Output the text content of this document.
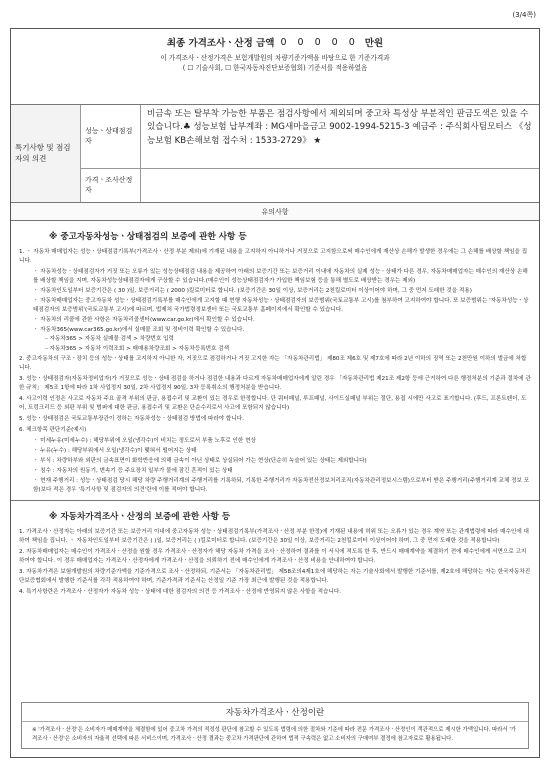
(3/4쪽)
최종 가격조사ㆍ산정 금액 0 0 0 0 0 만원
이 가격조사ㆍ산정가격은 보험개발원의 차량기준가액을 바탕으로 한 기준가격과
( ☐ 기술사회, ☐ 한국자동차진단보증협회) 기준서를 적용하였음
특기사항 및 점검자의 의견
성능ㆍ상태점검자
비금속 또는 탈부착 가능한 부품은 점검사항에서 제외되며 중고차 특성상 부분적인 판금도색은 있을 수 있습니다.♣ 성능보험 납부계좌 : MG새마을금고 9002-1994-5215-3 예금주 : 주식회사팀모터스 《성능보험 KB손해보험 접수처 : 1533-2729》 ★
가격ㆍ조사산정자
유의사항
※ 중고자동차성능ㆍ상태점검의 보증에 관한 사항 등
1. ㆍ 자동차 매매업자는 성능ㆍ상태점검기록부(가격조사ㆍ산정 부분 제외)에 기재된 내용을 고지하지 아니하거나 거짓으로 고지함으로써 매수인에게 재산상 손해가 발생한 경우에는 그 손해를 배상할 책임을 집니다.
ㆍ 자동차성능ㆍ상태점검자가 거짓 또는 오류가 있는 성능상태점검 내용을 제공하여 아래의 보증기간 또는 보증거리 이내에 자동차의 실제 성능ㆍ상태가 다른 경우, 자동차매매업자는 매수인의 재산상 손해를 배상할 책임을 지며, 자동차성능상태점검자에게 구상할 수 있습니다.(매수인이 성능상태점검자가 가입한 책임보험 등을 통해 별도로 배상받는 경우는 제외)
ㆍ 자동차인도일부터 보증기간은 ( 30 )일, 보증거리는 ( 2000 )킬로미터로 합니다. (보증기간은 30일 이상, 보증거리는 2천킬로미터 이상이어야 하며, 그 중 먼저 도래한 것을 적용)
ㆍ 자동차매매업자는 중고자동차 성능ㆍ상태점검기록부를 매수인에게 고지할 때 현행 자동차성능ㆍ상태점검자의 보증범위(국토교통부 고시)를 첨부하여 고지하여야 합니다. 또 보증범위는 '자동차성능ㆍ상태점검자의 보증범위'(국토교통부 고시)에 따르며, 법제처 국가법령정보센터 또는 국토교통부 홈페이지에서 확인할 수 있습니다.
ㆍ 자동차의 리콜에 관한 사항은 자동차리콜센터(www.car.go.kr)에서 확인할 수 있습니다.
ㆍ 자동차365(www.car365.go.kr)에서 실매물 조회 및 정비이력 확인할 수 있습니다.
– 자동차365 > 자동차 실매물 검색 > 차량번호 입력
– 자동차365 > 자동차 이력조회 > 매매용차량조회 > 자동차등록번호 검색
2. 중고자동차의 구조ㆍ장치 등의 성능ㆍ상태를 고지하지 아니한 자, 거짓으로 점검하거나 거짓 고지한 자는 「자동차관리법」 제80조 제6호 및 제7호에 따라 2년 이하의 징역 또는 2천만원 이하의 벌금에 처합니다.
3. 성능ㆍ상태점검자(자동차정비업자)가 거짓으로 성능ㆍ상태 점검을 하거나 점검한 내용과 다르게 자동차매매업자에게 알린 경우 「자동차관리법 제21조 제2항 등에 근거하여 다른 행정처분의 기준과 절차에 관한 규칙」 제5조 1항에 따라 1차 사업정지 30일, 2차 사업정지 90일, 3차 등록취소의 행정처분을 받습니다.
4. 사고이력 인정은 사고로 자동차 주요 골격 부위의 판금, 용접수리 및 교환이 있는 경우로 한정합니다. 단 쿼터패널, 루프패널, 사이드실패널 부위는 절단, 용접 시에만 사고로 표기합니다. (후드, 프론트펜더, 도어, 트렁크리드 등 외판 부위 및 범퍼에 대한 판금, 용접수리 및 교환은 단순수리로서 사고에 포함되지 않습니다)
5. 성능ㆍ상태점검은 국토교통부장관이 정하는 자동차성능ㆍ상태점검 방법에 따라야 합니다.
6. 체크항목 판단기준(예시)
ㆍ 미세누유(미세누수) : 해당부위에 오일(냉각수)이 비치는 정도로서 부품 노후로 인한 현상
ㆍ 누유(누수) : 해당부위에서 오일(냉각수)이 맺혀서 떨어지는 상태
ㆍ 부식 : 차량하부와 외판의 금속표면이 화학반응에 의해 금속이 아닌 상태로 상실되어 가는 현상(단순히 녹슬어 있는 상태는 제외합니다)
ㆍ 침수 : 자동차의 원동기, 변속기 등 주요장치 일부가 물에 잠긴 흔적이 있는 상태
ㆍ 현재 주행거리 : 성능ㆍ상태점검 당시 해당 차량 주행거리계의 주행거리를 기록하되, 기록한 주행거리가 자동차전산정보처리조직(자동차관리정보시스템)으로부터 받은 주행거리(주행거리계 교체 정보 포함)보다 적은 경우 '특기사항 및 점검자의 의견'란에 이를 적어야 합니다.
※ 자동차가격조사ㆍ산정의 보증에 관한 사항 등
1. 가격조사ㆍ산정자는 아래의 보증기간 또는 보증거리 이내에 중고자동차 성능ㆍ상태점검기록부(가격조사ㆍ산정 부분 한정)에 기재된 내용에 허위 또는 오류가 있는 경우 계약 또는 관계법령에 따라 매수인에 대하여 책임을 집니다. ㆍ 자동차인도일부터 보증기간은 ( )일, 보증거리는 ( )킬로미터로 합니다. (보증기간은 30일 이상, 보증거리는 2천킬로미터 이상이어야 하며, 그 중 먼저 도래한 것을 적용합니다)
2. 자동차매매업자는 매수인이 가격조사ㆍ산정을 원할 경우 가격조사ㆍ산정자가 해당 자동차 가격을 조사ㆍ산정하여 결과를 이 서식에 적도록 한 후, 반드시 매매계약을 체결하기 전에 매수인에게 서면으로 고지하여야 합니다. 이 경우 매매업자는 가격조사ㆍ산정자에게 가격조사ㆍ산정을 의뢰하기 전에 매수인에게 가격조사ㆍ산정 비용을 안내하여야 합니다.
3. 자동차가격은 보험개발원의 차량기준가액을 기준가격으로 조사ㆍ산정하되, 기준서는 「자동차관리법」 제58조의4제1호에 해당하는 자는 기술사회에서 발행한 기준서를, 제2호에 해당하는 자는 한국자동차진단보증협회에서 발행한 기준서를 각각 적용하여야 하며, 기준가격과 기준서는 산정일 기준 가장 최근에 발행된 것을 적용합니다.
4. 특기사항란은 가격조사ㆍ산정자가 자동차 성능ㆍ상태에 대한 점검자의 의견 등 가격조사ㆍ산정에 반영되지 않은 사항을 적습니다.
자동차가격조사ㆍ산정이란
※ '가격조사ㆍ산정'은 소비자가 매매계약을 체결함에 있어 중고차 가격의 적정성 판단에 참고할 수 있도록 법령에 의한 절차와 기준에 따라 전문 가격조사ㆍ산정인이 객관적으로 제시한 가액입니다. 따라서 '가격조사ㆍ산정'은 소비자의 자율적 선택에 따른 서비스이며, 가격조사ㆍ산정 결과는 중고차 가격판단에 관하여 법적 구속력은 없고 소비자의 구매여부 결정에 참고자료로 활용됩니다.
